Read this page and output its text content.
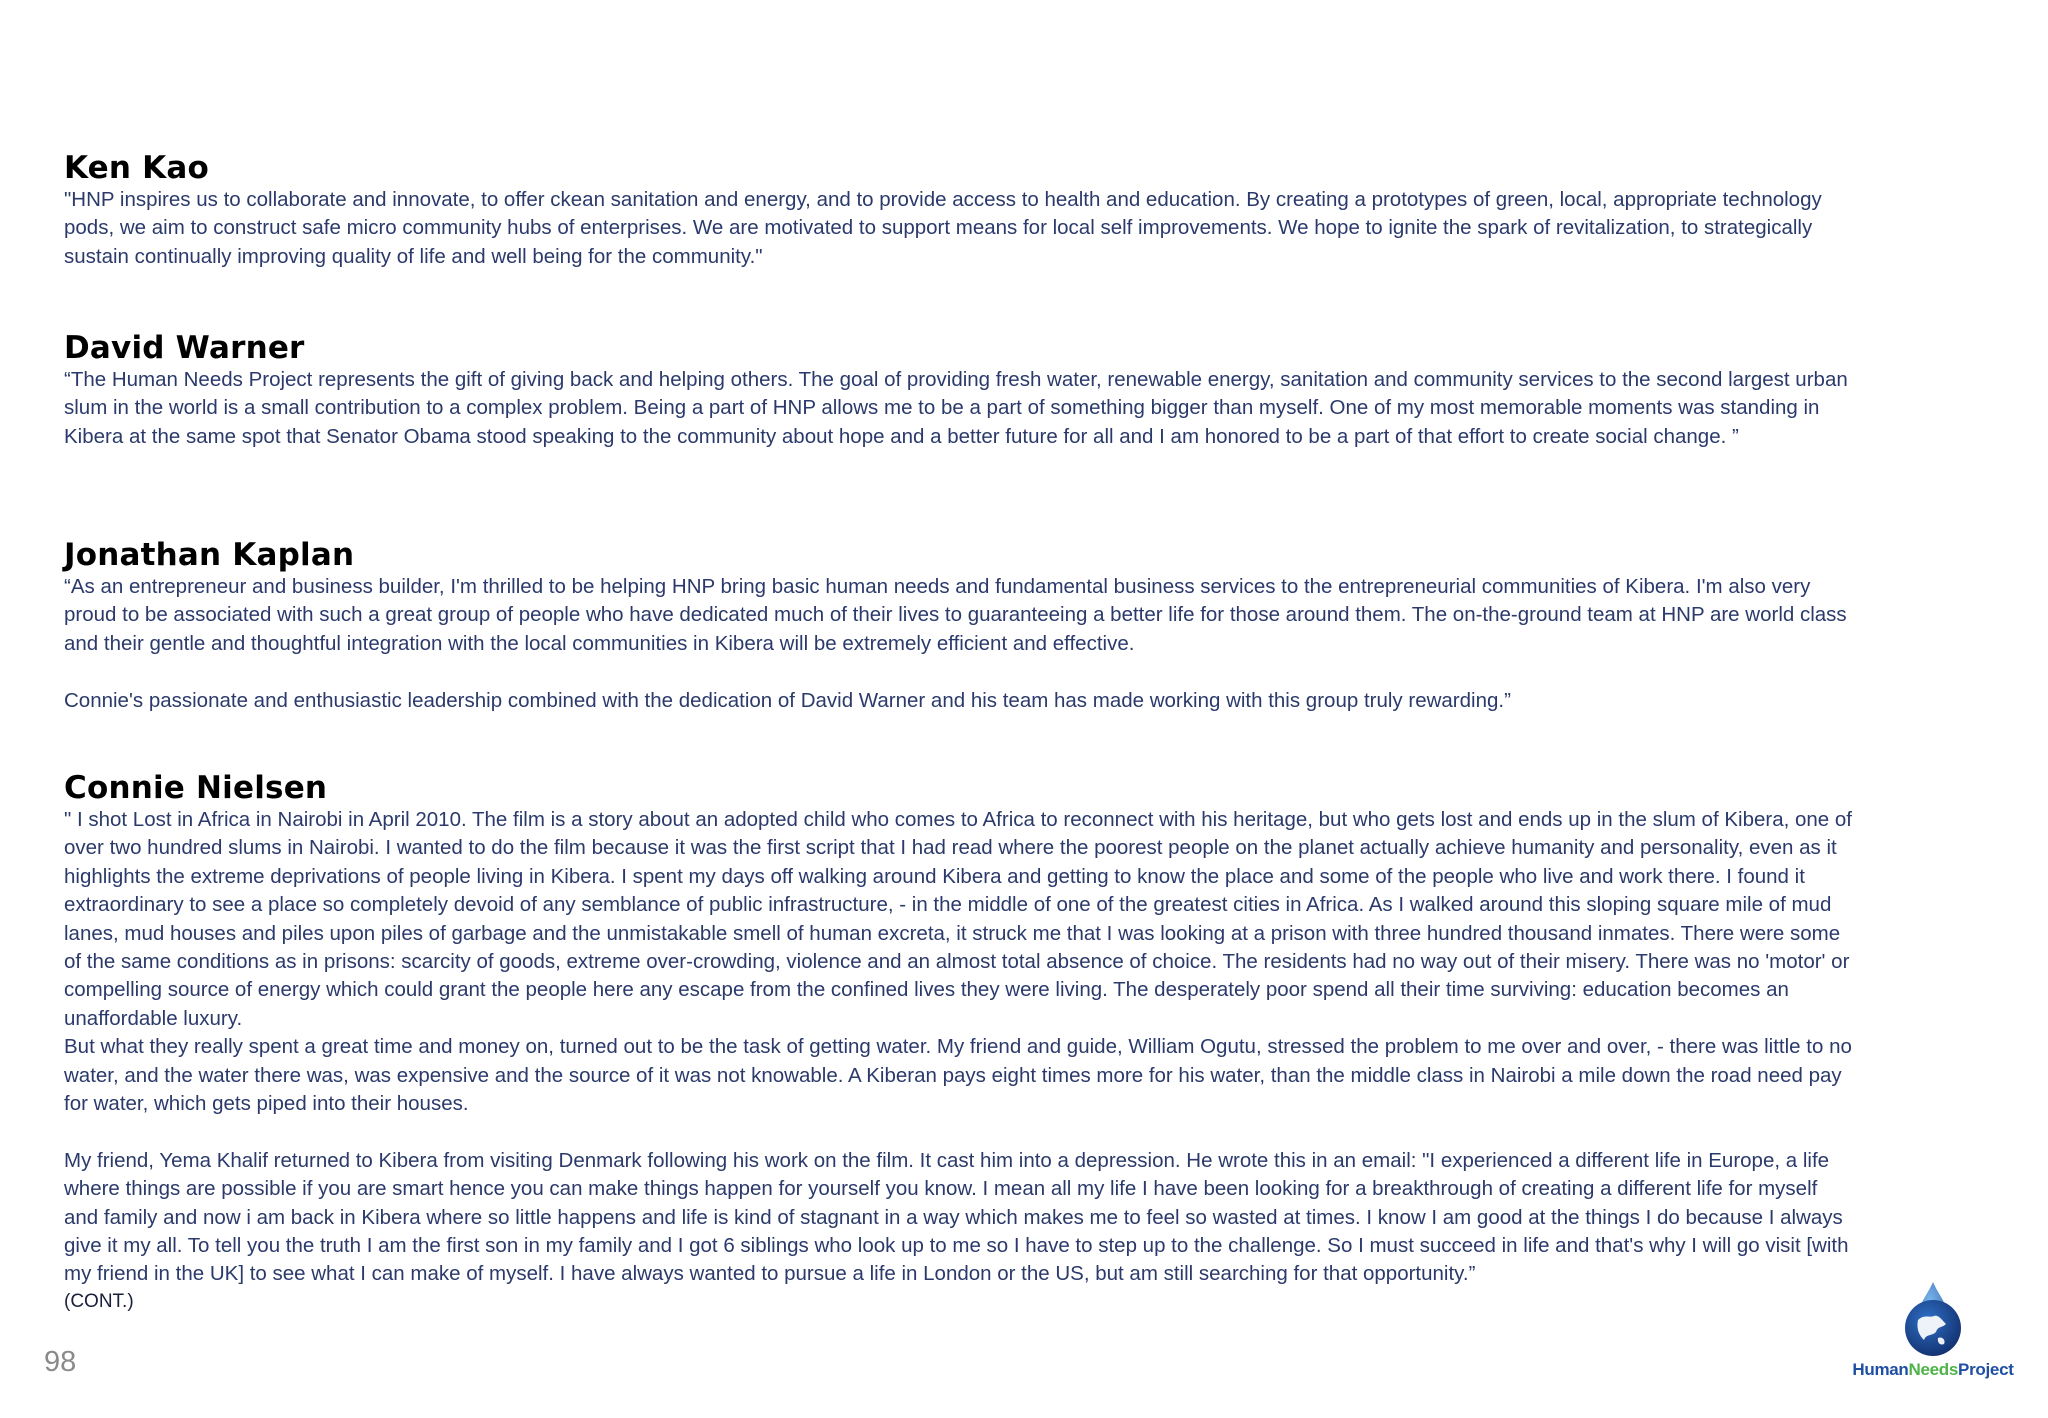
Ken Kao

"HNP inspires us to collaborate and innovate, to offer ckean sanitation and energy, and to provide access to health and education. By creating a prototypes of green, local, appropriate technology pods, we aim to construct safe micro community hubs of enterprises. We are motivated to support means for local self improvements. We hope to ignite the spark of revitalization, to strategically sustain continually improving quality of life and well being for the community."

David Warner

“The Human Needs Project represents the gift of giving back and helping others. The goal of providing fresh water, renewable energy, sanitation and community services to the second largest urban slum in the world is a small contribution to a complex problem. Being a part of HNP allows me to be a part of something bigger than myself. One of my most memorable moments was standing in Kibera at the same spot that Senator Obama stood speaking to the community about hope and a better future for all and I am honored to be a part of that effort to create social change. ”

Jonathan Kaplan

“As an entrepreneur and business builder, I'm thrilled to be helping HNP bring basic human needs and fundamental business services to the entrepreneurial communities of Kibera. I'm also very proud to be associated with such a great group of people who have dedicated much of their lives to guaranteeing a better life for those around them. The on-the-ground team at HNP are world class and their gentle and thoughtful integration with the local communities in Kibera will be extremely efficient and effective.

Connie's passionate and enthusiastic leadership combined with the dedication of David Warner and his team has made working with this group truly rewarding.”

Connie Nielsen

" I shot Lost in Africa in Nairobi in April 2010. The film is a story about an adopted child who comes to Africa to reconnect with his heritage, but who gets lost and ends up in the slum of Kibera, one of over two hundred slums in Nairobi. I wanted to do the film because it was the first script that I had read where the poorest people on the planet actually achieve humanity and personality, even as it highlights the extreme deprivations of people living in Kibera. I spent my days off walking around Kibera and getting to know the place and some of the people who live and work there. I found it extraordinary to see a place so completely devoid of any semblance of public infrastructure, - in the middle of one of the greatest cities in Africa. As I walked around this sloping square mile of mud lanes, mud houses and piles upon piles of garbage and the unmistakable smell of human excreta, it struck me that I was looking at a prison with three hundred thousand inmates. There were some of the same conditions as in prisons: scarcity of goods, extreme over-crowding, violence and an almost total absence of choice. The residents had no way out of their misery. There was no 'motor' or compelling source of energy which could grant the people here any escape from the confined lives they were living. The desperately poor spend all their time surviving: education becomes an unaffordable luxury.

But what they really spent a great time and money on, turned out to be the task of getting water. My friend and guide, William Ogutu, stressed the problem to me over and over, - there was little to no water, and the water there was, was expensive and the source of it was not knowable. A Kiberan pays eight times more for his water, than the middle class in Nairobi a mile down the road need pay for water, which gets piped into their houses.

My friend, Yema Khalif returned to Kibera from visiting Denmark following his work on the film. It cast him into a depression. He wrote this in an email: "I experienced a different life in Europe, a life where things are possible if you are smart hence you can make things happen for yourself you know. I mean all my life I have been looking for a breakthrough of creating a different life for myself and family and now i am back in Kibera where so little happens and life is kind of stagnant in a way which makes me to feel so wasted at times. I know I am good at the things I do because I always give it my all. To tell you the truth I am the first son in my family and I got 6 siblings who look up to me so I have to step up to the challenge. So I must succeed in life and that's why I will go visit [with my friend in the UK] to see what I can make of myself. I have always wanted to pursue a life in London or the US, but am still searching for that opportunity.”

(CONT.)

98	HumanNeedsProject
